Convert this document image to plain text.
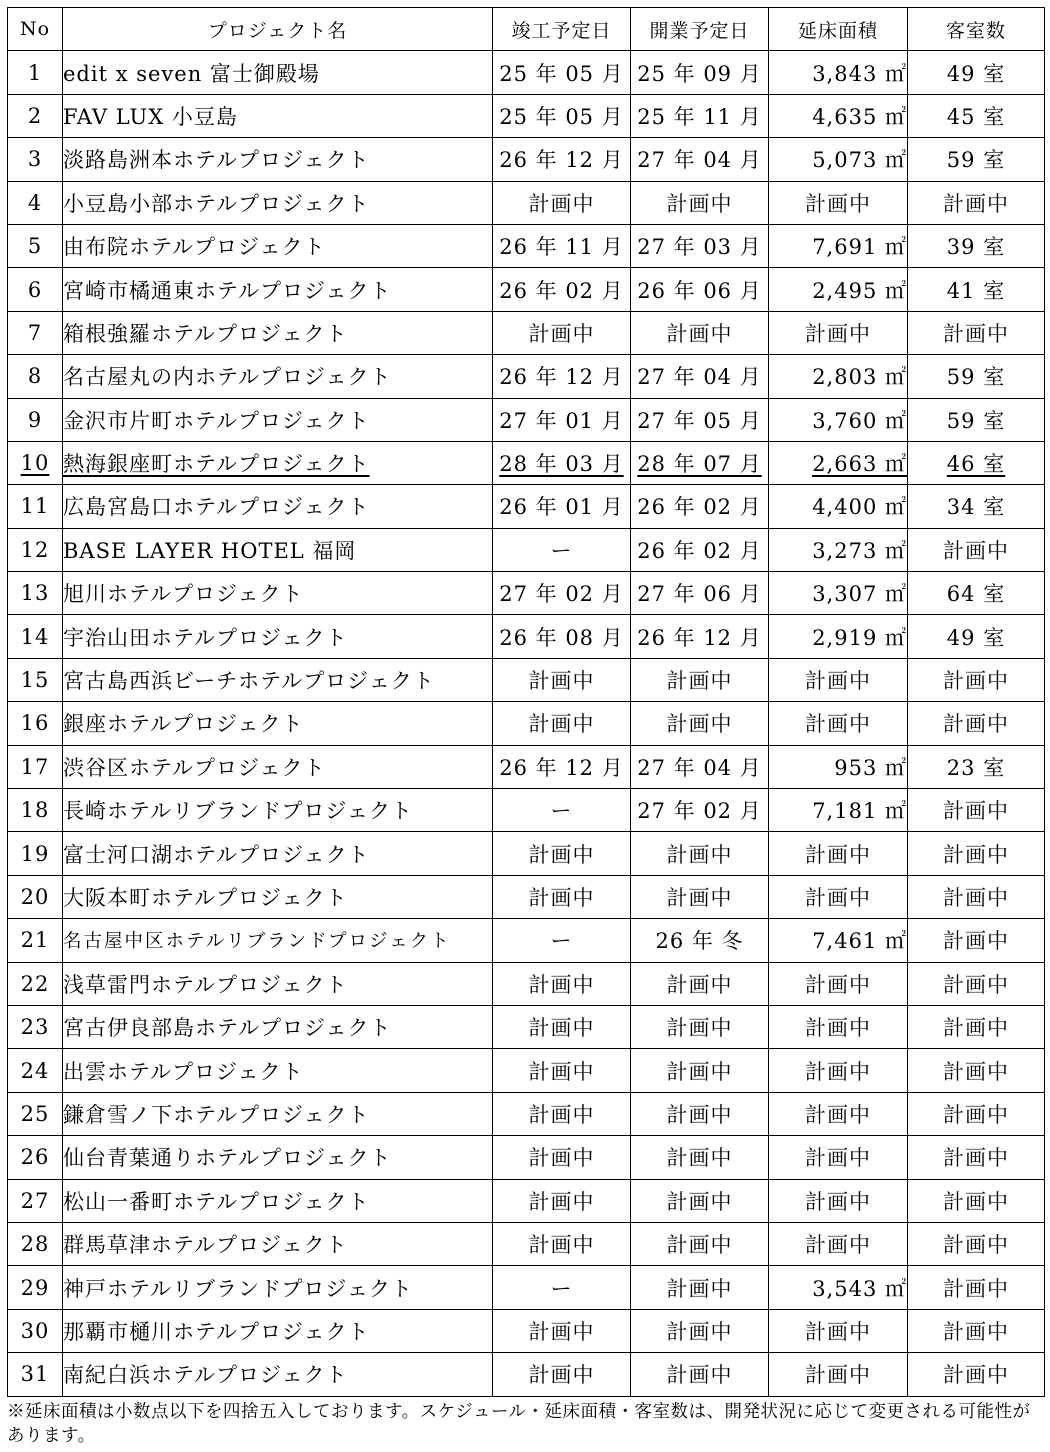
No	プロジェクト名	竣工予定日	開業予定日	延床面積	客室数
1	edit x seven 富士御殿場	25 年 05 月	25 年 09 月	3,843 ㎡	49 室
2	FAV LUX 小豆島	25 年 05 月	25 年 11 月	4,635 ㎡	45 室
3	淡路島洲本ホテルプロジェクト	26 年 12 月	27 年 04 月	5,073 ㎡	59 室
4	小豆島小部ホテルプロジェクト	計画中	計画中	計画中	計画中
5	由布院ホテルプロジェクト	26 年 11 月	27 年 03 月	7,691 ㎡	39 室
6	宮崎市橘通東ホテルプロジェクト	26 年 02 月	26 年 06 月	2,495 ㎡	41 室
7	箱根強羅ホテルプロジェクト	計画中	計画中	計画中	計画中
8	名古屋丸の内ホテルプロジェクト	26 年 12 月	27 年 04 月	2,803 ㎡	59 室
9	金沢市片町ホテルプロジェクト	27 年 01 月	27 年 05 月	3,760 ㎡	59 室
10	熱海銀座町ホテルプロジェクト	28 年 03 月	28 年 07 月	2,663 ㎡	46 室
11	広島宮島口ホテルプロジェクト	26 年 01 月	26 年 02 月	4,400 ㎡	34 室
12	BASE LAYER HOTEL 福岡	ー	26 年 02 月	3,273 ㎡	計画中
13	旭川ホテルプロジェクト	27 年 02 月	27 年 06 月	3,307 ㎡	64 室
14	宇治山田ホテルプロジェクト	26 年 08 月	26 年 12 月	2,919 ㎡	49 室
15	宮古島西浜ビーチホテルプロジェクト	計画中	計画中	計画中	計画中
16	銀座ホテルプロジェクト	計画中	計画中	計画中	計画中
17	渋谷区ホテルプロジェクト	26 年 12 月	27 年 04 月	953 ㎡	23 室
18	長崎ホテルリブランドプロジェクト	ー	27 年 02 月	7,181 ㎡	計画中
19	富士河口湖ホテルプロジェクト	計画中	計画中	計画中	計画中
20	大阪本町ホテルプロジェクト	計画中	計画中	計画中	計画中
21	名古屋中区ホテルリブランドプロジェクト	ー	26 年 冬	7,461 ㎡	計画中
22	浅草雷門ホテルプロジェクト	計画中	計画中	計画中	計画中
23	宮古伊良部島ホテルプロジェクト	計画中	計画中	計画中	計画中
24	出雲ホテルプロジェクト	計画中	計画中	計画中	計画中
25	鎌倉雪ノ下ホテルプロジェクト	計画中	計画中	計画中	計画中
26	仙台青葉通りホテルプロジェクト	計画中	計画中	計画中	計画中
27	松山一番町ホテルプロジェクト	計画中	計画中	計画中	計画中
28	群馬草津ホテルプロジェクト	計画中	計画中	計画中	計画中
29	神戸ホテルリブランドプロジェクト	ー	計画中	3,543 ㎡	計画中
30	那覇市樋川ホテルプロジェクト	計画中	計画中	計画中	計画中
31	南紀白浜ホテルプロジェクト	計画中	計画中	計画中	計画中
※延床面積は小数点以下を四捨五入しております。スケジュール・延床面積・客室数は、開発状況に応じて変更される可能性があります。
